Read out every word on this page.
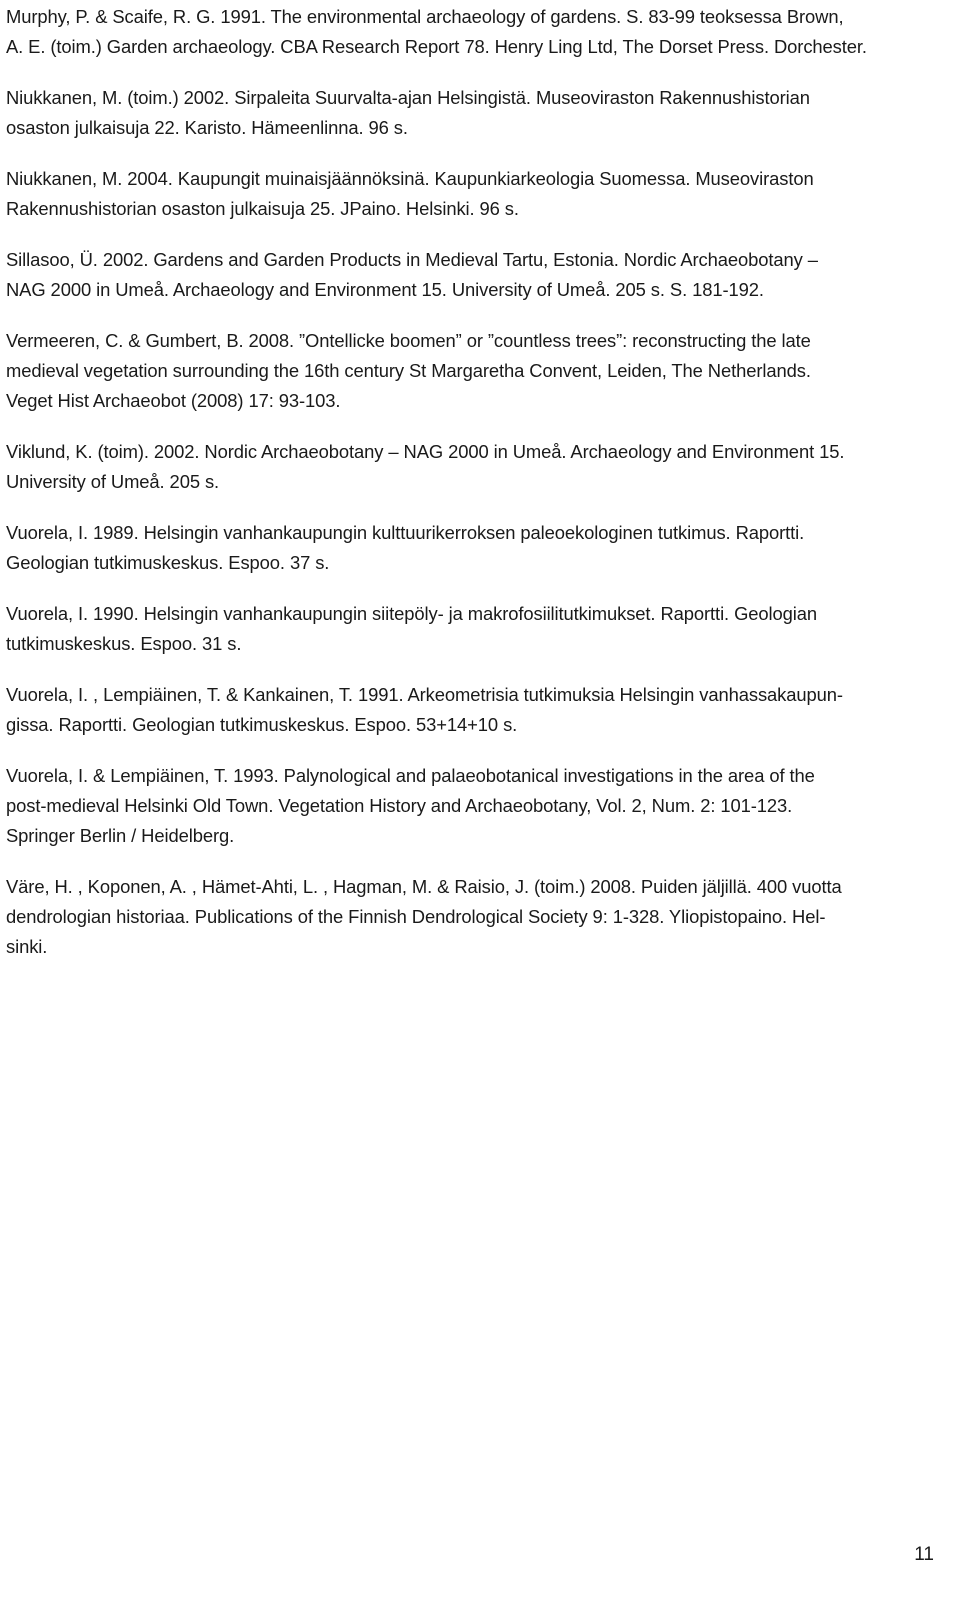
Murphy, P. & Scaife, R. G. 1991. The environmental archaeology of gardens. S. 83-99 teoksessa Brown,
A. E. (toim.) Garden archaeology. CBA Research Report 78. Henry Ling Ltd, The Dorset Press. Dorchester.

Niukkanen, M. (toim.) 2002. Sirpaleita Suurvalta-ajan Helsingistä. Museoviraston Rakennushistorian
osaston julkaisuja 22. Karisto. Hämeenlinna. 96 s.

Niukkanen, M. 2004. Kaupungit muinaisjäännöksinä. Kaupunkiarkeologia Suomessa. Museoviraston
Rakennushistorian osaston julkaisuja 25. JPaino. Helsinki. 96 s.

Sillasoo, Ü. 2002. Gardens and Garden Products in Medieval Tartu, Estonia. Nordic Archaeobotany –
NAG 2000 in Umeå. Archaeology and Environment 15. University of Umeå. 205 s. S. 181-192.

Vermeeren, C. & Gumbert, B. 2008. ”Ontellicke boomen” or ”countless trees”: reconstructing the late
medieval vegetation surrounding the 16th century St Margaretha Convent, Leiden, The Netherlands.
Veget Hist Archaeobot (2008) 17: 93-103.

Viklund, K. (toim). 2002. Nordic Archaeobotany – NAG 2000 in Umeå. Archaeology and Environment 15.
University of Umeå. 205 s.

Vuorela, I. 1989. Helsingin vanhankaupungin kulttuurikerroksen paleoekologinen tutkimus. Raportti.
Geologian tutkimuskeskus. Espoo. 37 s.

Vuorela, I. 1990. Helsingin vanhankaupungin siitepöly- ja makrofosiilitutkimukset. Raportti. Geologian
tutkimuskeskus. Espoo. 31 s.

Vuorela, I. , Lempiäinen, T. & Kankainen, T. 1991. Arkeometrisia tutkimuksia Helsingin vanhassakaupun-
gissa. Raportti. Geologian tutkimuskeskus. Espoo. 53+14+10 s.

Vuorela, I. & Lempiäinen, T. 1993. Palynological and palaeobotanical investigations in the area of the
post-medieval Helsinki Old Town. Vegetation History and Archaeobotany, Vol. 2, Num. 2: 101-123.
Springer Berlin / Heidelberg.

Väre, H. , Koponen, A. , Hämet-Ahti, L. , Hagman, M. & Raisio, J. (toim.) 2008. Puiden jäljillä. 400 vuotta
dendrologian historiaa. Publications of the Finnish Dendrological Society 9: 1-328. Yliopistopaino. Hel-
sinki.

11
